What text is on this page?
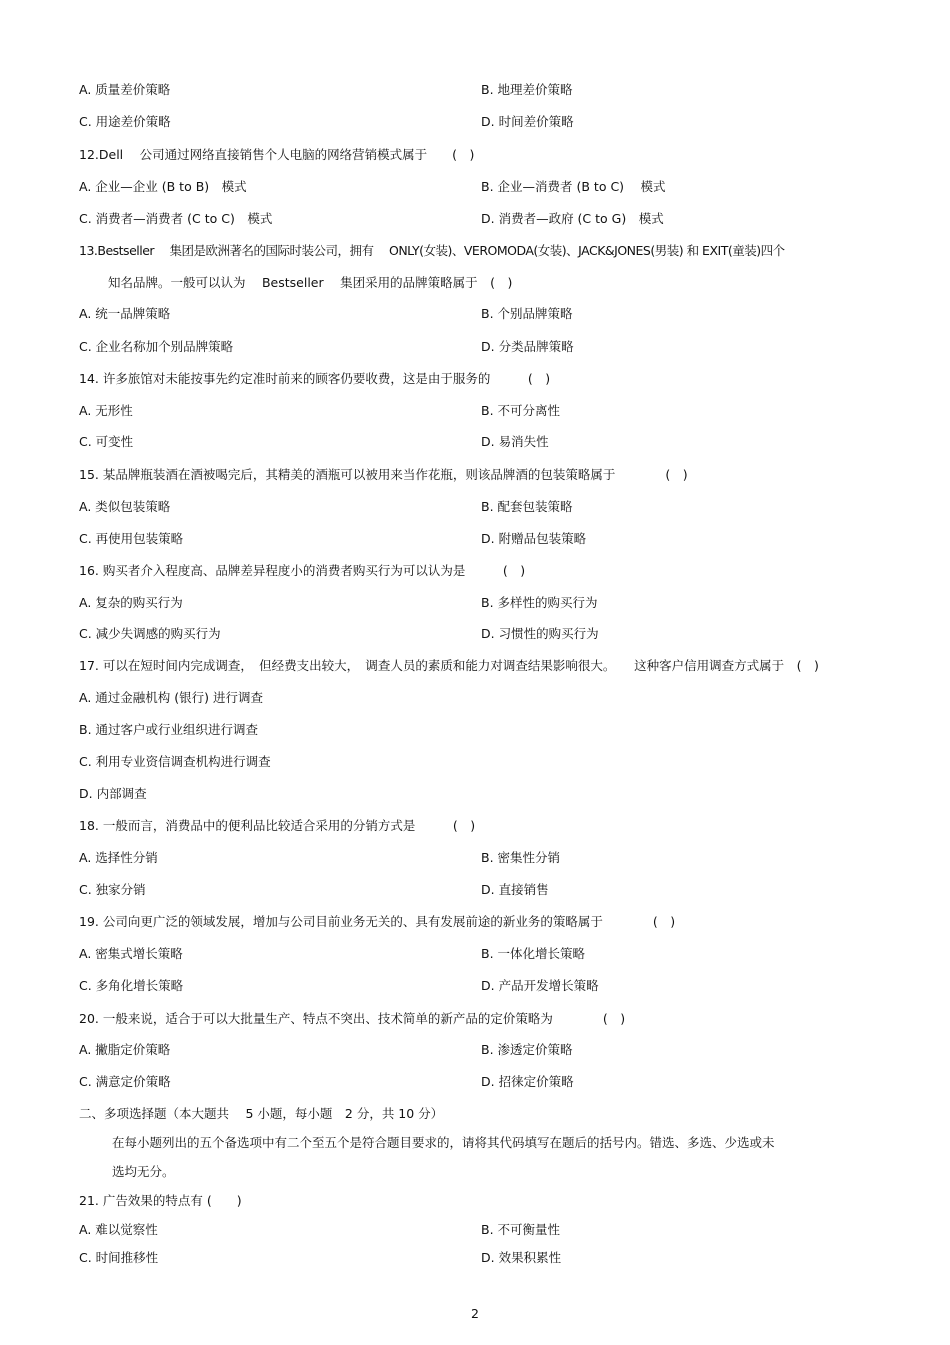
A. 质量差价策略	B. 地理差价策略
C. 用途差价策略	D. 时间差价策略
12.Dell　 公司通过网络直接销售个人电脑的网络营销模式属于　　(　)
A. 企业—企业 (B to B)　模式	B. 企业—消费者 (B to C)　 模式
C. 消费者—消费者 (C to C)　模式	D. 消费者—政府 (C to G)　模式
13.Bestseller　 集团是欧洲著名的国际时装公司，拥有　 ONLY(女装)、VEROMODA(女装)、JACK&JONES(男装) 和 EXIT(童装)四个
知名品牌。一般可以认为　 Bestseller　 集团采用的品牌策略属于　(　)
A. 统一品牌策略	B. 个别品牌策略
C. 企业名称加个别品牌策略	D. 分类品牌策略
14. 许多旅馆对未能按事先约定准时前来的顾客仍要收费，这是由于服务的　　　(　)
A. 无形性	B. 不可分离性
C. 可变性	D. 易消失性
15. 某品牌瓶装酒在酒被喝完后，其精美的酒瓶可以被用来当作花瓶，则该品牌酒的包装策略属于　　　　(　)
A. 类似包装策略	B. 配套包装策略
C. 再使用包装策略	D. 附赠品包装策略
16. 购买者介入程度高、品牌差异程度小的消费者购买行为可以认为是　　　(　)
A. 复杂的购买行为	B. 多样性的购买行为
C. 减少失调感的购买行为	D. 习惯性的购买行为
17. 可以在短时间内完成调查，　但经费支出较大，　调查人员的素质和能力对调查结果影响很大。　　这种客户信用调查方式属于　(　)
A. 通过金融机构 (银行) 进行调查
B. 通过客户或行业组织进行调查
C. 利用专业资信调查机构进行调查
D. 内部调查
18. 一般而言，消费品中的便利品比较适合采用的分销方式是　　　(　)
A. 选择性分销	B. 密集性分销
C. 独家分销	D. 直接销售
19. 公司向更广泛的领域发展，增加与公司目前业务无关的、具有发展前途的新业务的策略属于　　　　(　)
A. 密集式增长策略	B. 一体化增长策略
C. 多角化增长策略	D. 产品开发增长策略
20. 一般来说，适合于可以大批量生产、特点不突出、技术简单的新产品的定价策略为　　　　(　)
A. 撇脂定价策略	B. 渗透定价策略
C. 满意定价策略	D. 招徕定价策略
二、多项选择题（本大题共　 5 小题，每小题　2 分，共 10 分）
在每小题列出的五个备选项中有二个至五个是符合题目要求的，请将其代码填写在题后的括号内。错选、多选、少选或未
选均无分。
21. 广告效果的特点有 (　　)
A. 难以觉察性	B. 不可衡量性
C. 时间推移性	D. 效果积累性
2
